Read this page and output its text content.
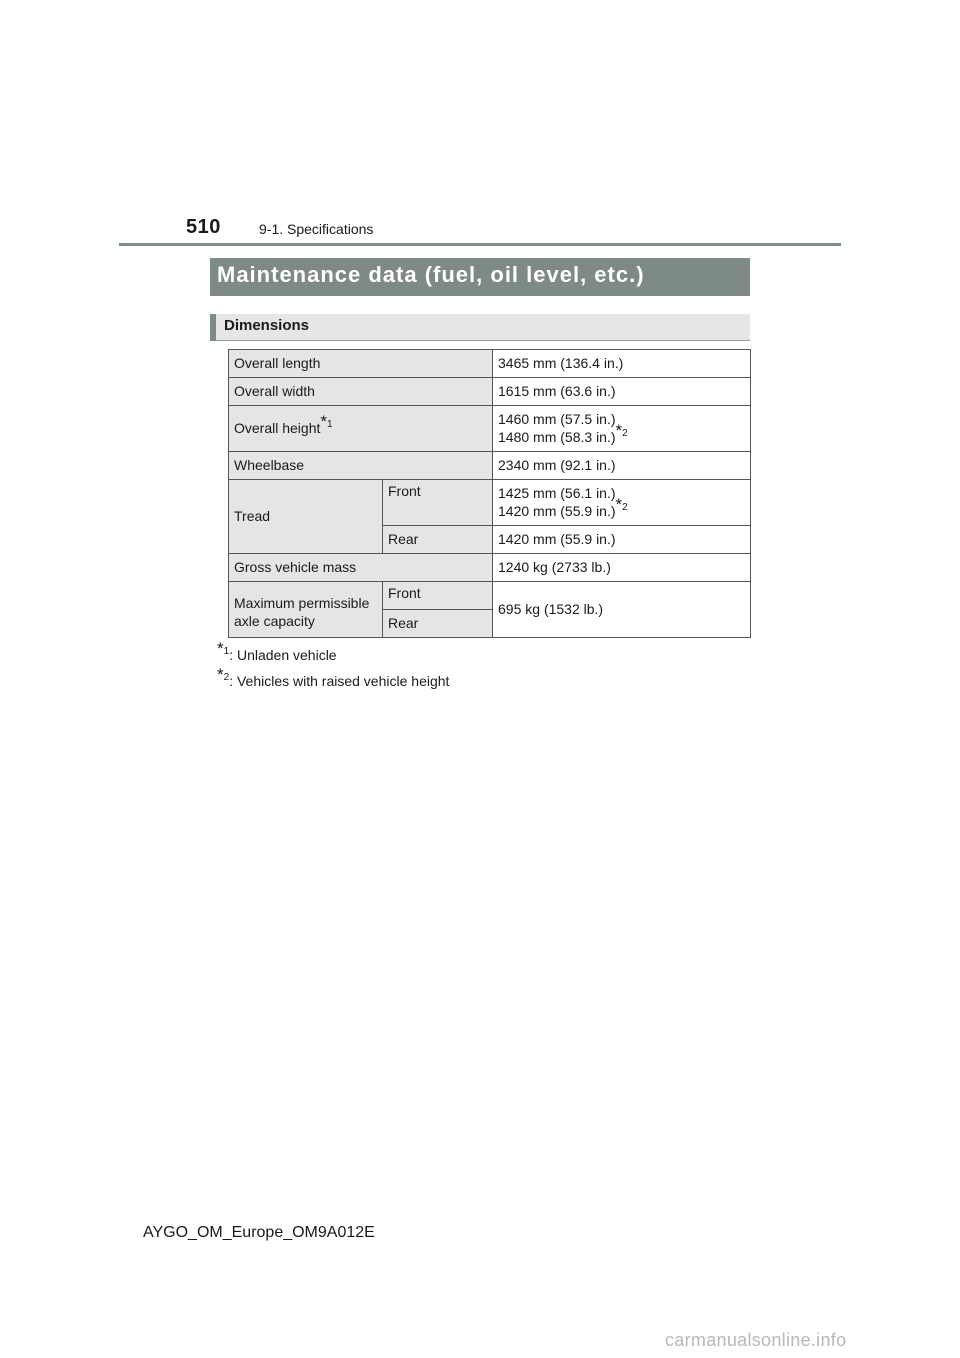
510	9-1. Specifications
Maintenance data (fuel, oil level, etc.)
Dimensions
Overall length		3465 mm (136.4 in.)
Overall width		1615 mm (63.6 in.)
Overall height$^{*1}$		1460 mm (57.5 in.)
1480 mm (58.3 in.)$^{*2}$

Wheelbase		2340 mm (92.1 in.)
Tread	Front	1425 mm (56.1 in.)
1420 mm (55.9 in.)$^{*2}$

	Rear	1420 mm (55.9 in.)
Gross vehicle mass		1240 kg (2733 lb.)

Maximum permissible
axle capacity	Front	695 kg (1532 lb.)
	Rear	
$^{*1}$: Unladen vehicle
$^{*2}$: Vehicles with raised vehicle height
AYGO_OM_Europe_OM9A012E
carmanualsonline.info
